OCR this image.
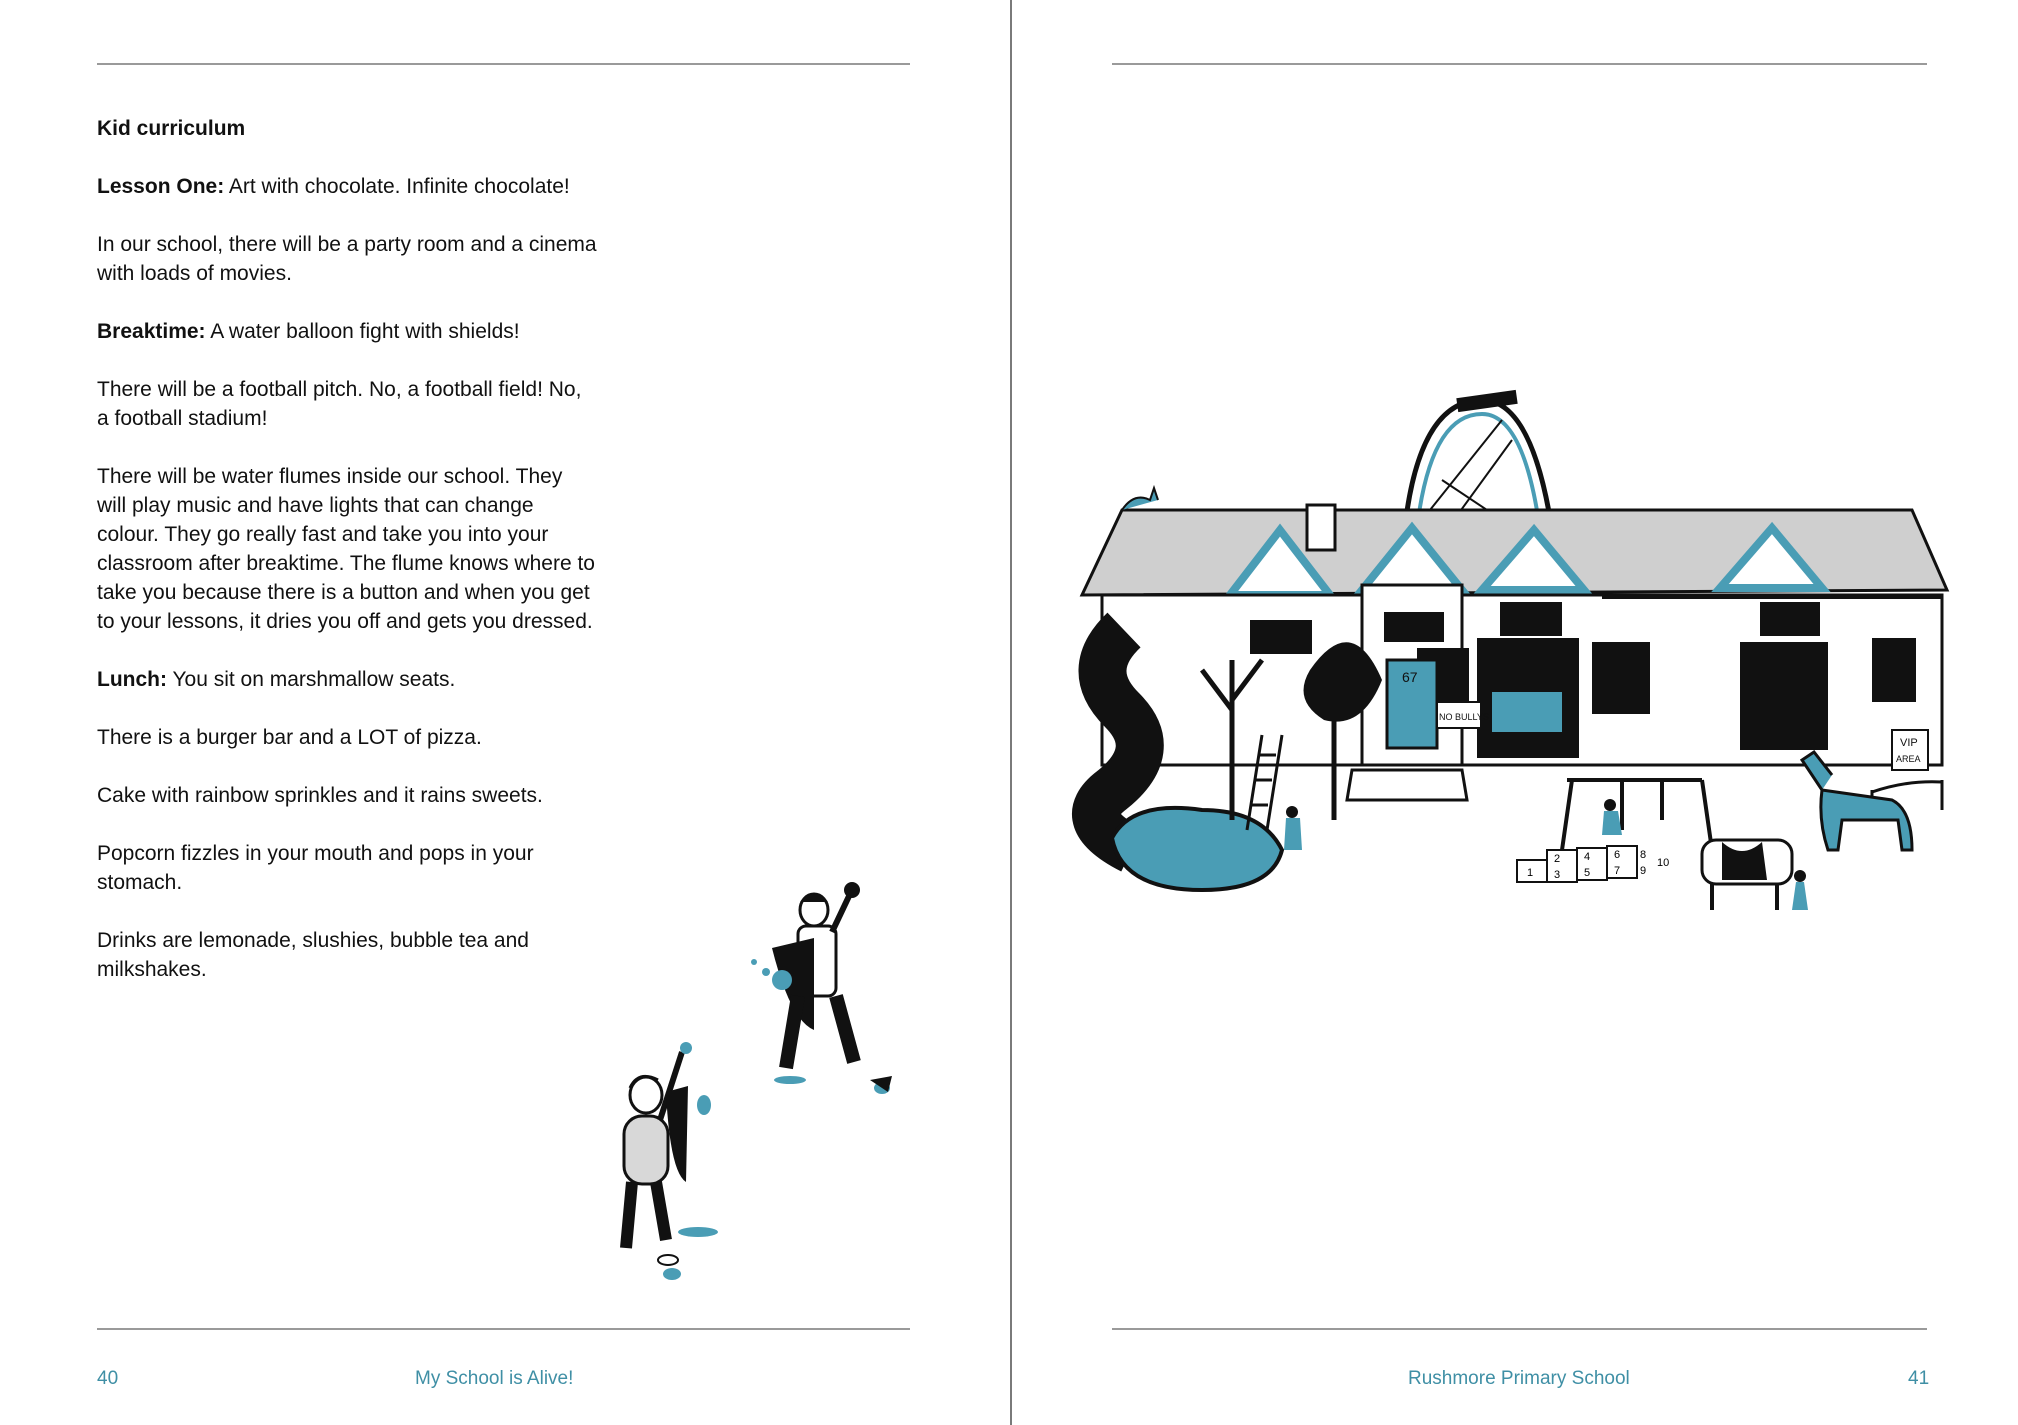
Kid curriculum

Lesson One: Art with chocolate. Infinite chocolate!

In our school, there will be a party room and a cinema with loads of movies.

Breaktime: A water balloon fight with shields!

There will be a football pitch. No, a football field! No, a football stadium!

There will be water flumes inside our school. They will play music and have lights that can change colour. They go really fast and take you into your classroom after breaktime. The flume knows where to take you because there is a button and when you get to your lessons, it dries you off and gets you dressed.

Lunch: You sit on marshmallow seats.

There is a burger bar and a LOT of pizza.

Cake with rainbow sprinkles and it rains sweets.

Popcorn fizzles in your mouth and pops in your stomach.

Drinks are lemonade, slushies, bubble tea and milkshakes.

40	My School is Alive!
67
NO BULLYS
VIP
AREA
1
2
3
4
5
6
7
8
9
10
Rushmore Primary School	41
